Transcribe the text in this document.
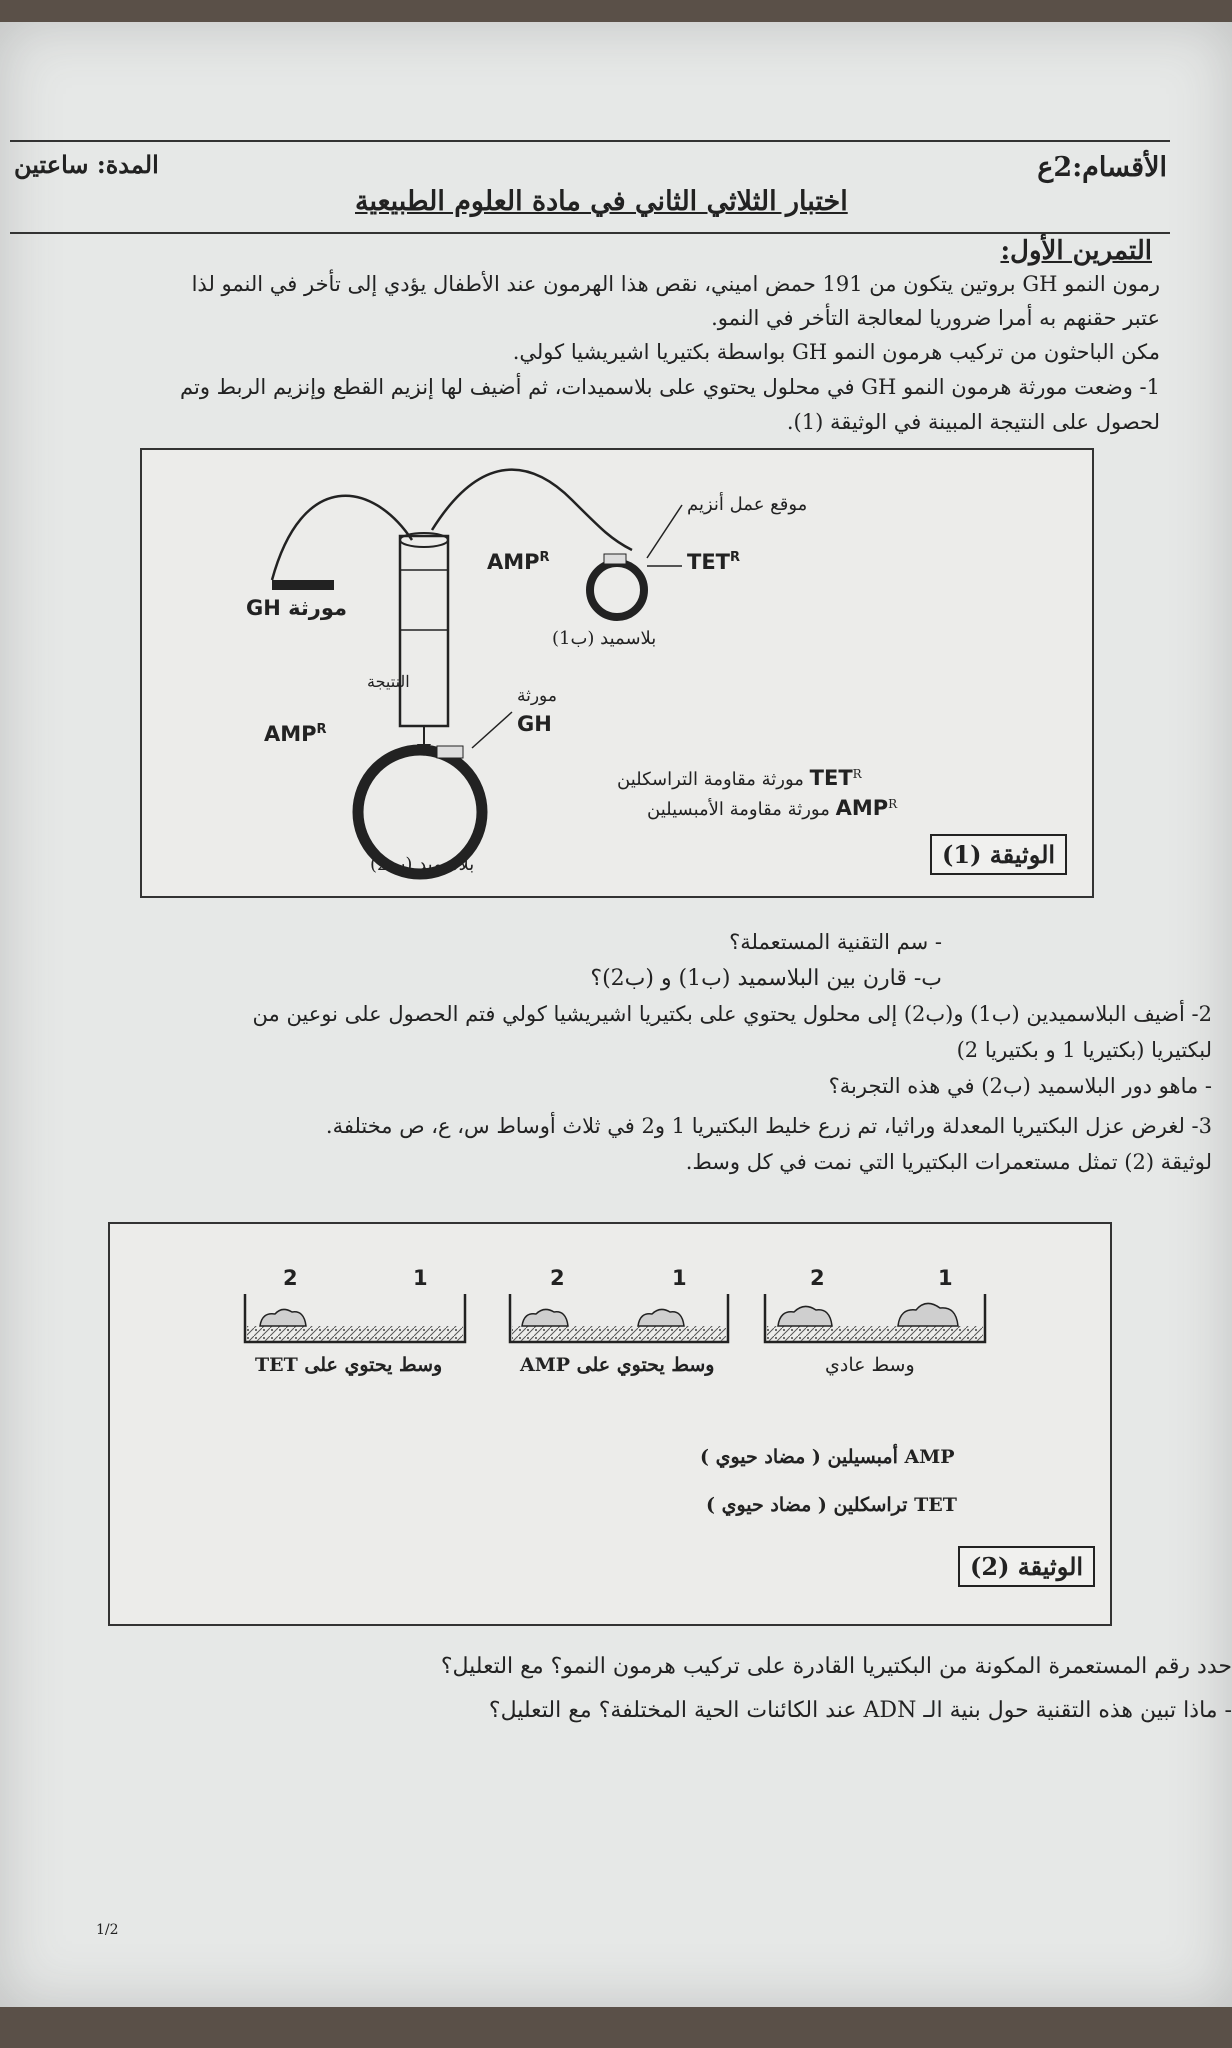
الأقسام:2ع
المدة: ساعتين
اختبار الثلاثي الثاني في مادة العلوم الطبيعية
التمرين الأول:
رمون النمو GH بروتين يتكون من 191 حمض اميني، نقص هذا الهرمون عند الأطفال يؤدي إلى تأخر في النمو لذا
عتبر حقنهم به أمرا ضروريا لمعالجة التأخر في النمو.
مكن الباحثون من تركيب هرمون النمو GH بواسطة بكتيريا اشيريشيا كولي.
1- وضعت مورثة هرمون النمو GH في محلول يحتوي على بلاسميدات، ثم أضيف لها إنزيم القطع وإنزيم الربط وتم
لحصول على النتيجة المبينة في الوثيقة (1).
موقع عمل أنزيم
$AMP^R$	$TET^R$
مورثة GH
بلاسميد (ب1)
النتيجة
$AMP^R$
مورثة
GH
بلاسميد (ب2)
مورثة مقاومة التراسكلين $TET^R$
مورثة مقاومة الأمبسيلين $AMP^R$
الوثيقة (1)
- سم التقنية المستعملة؟
ب- قارن بين البلاسميد (ب1) و (ب2)؟
2- أضيف البلاسميدين (ب1) و(ب2) إلى محلول يحتوي على بكتيريا اشيريشيا كولي فتم الحصول على نوعين من
لبكتيريا (بكتيريا 1 و بكتيريا 2)
- ماهو دور البلاسميد (ب2) في هذه التجربة؟
3- لغرض عزل البكتيريا المعدلة وراثيا، تم زرع خليط البكتيريا 1 و2 في ثلاث أوساط س، ع، ص مختلفة.
لوثيقة (2) تمثل مستعمرات البكتيريا التي نمت في كل وسط.
2	1	2	1	2	1
وسط يحتوي على TET	وسط يحتوي على AMP	وسط عادي
AMP أمبسيلين ( مضاد حيوي )
TET تراسكلين ( مضاد حيوي )
الوثيقة (2)
حدد رقم المستعمرة المكونة من البكتيريا القادرة على تركيب هرمون النمو؟ مع التعليل؟
- ماذا تبين هذه التقنية حول بنية الـ ADN عند الكائنات الحية المختلفة؟ مع التعليل؟
1/2
